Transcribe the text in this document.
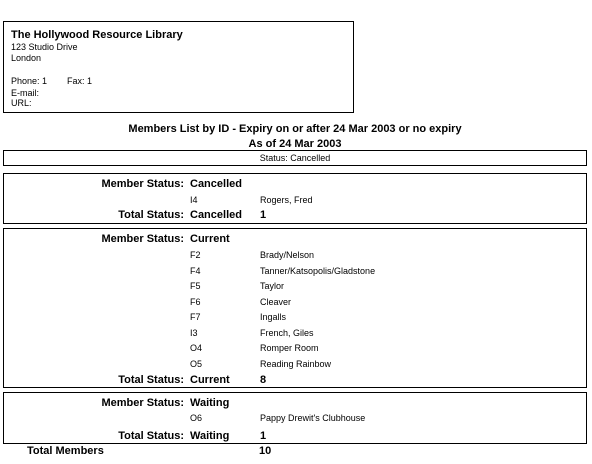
The Hollywood Resource Library
123 Studio Drive
London
Phone: 1 Fax: 1
E-mail:
URL:
Members List by ID - Expiry on or after 24 Mar 2003 or no expiry
As of 24 Mar 2003
Status: Cancelled
Member Status: Cancelled
I4	Rogers, Fred
Total Status: Cancelled 1
Member Status: Current
F2	Brady/Nelson
F4	Tanner/Katsopolis/Gladstone
F5	Taylor
F6	Cleaver
F7	Ingalls
I3	French, Giles
O4	Romper Room
O5	Reading Rainbow
Total Status: Current	8
Member Status: Waiting
O6	Pappy Drewit's Clubhouse
Total Status: Waiting	1
Total Members	10
